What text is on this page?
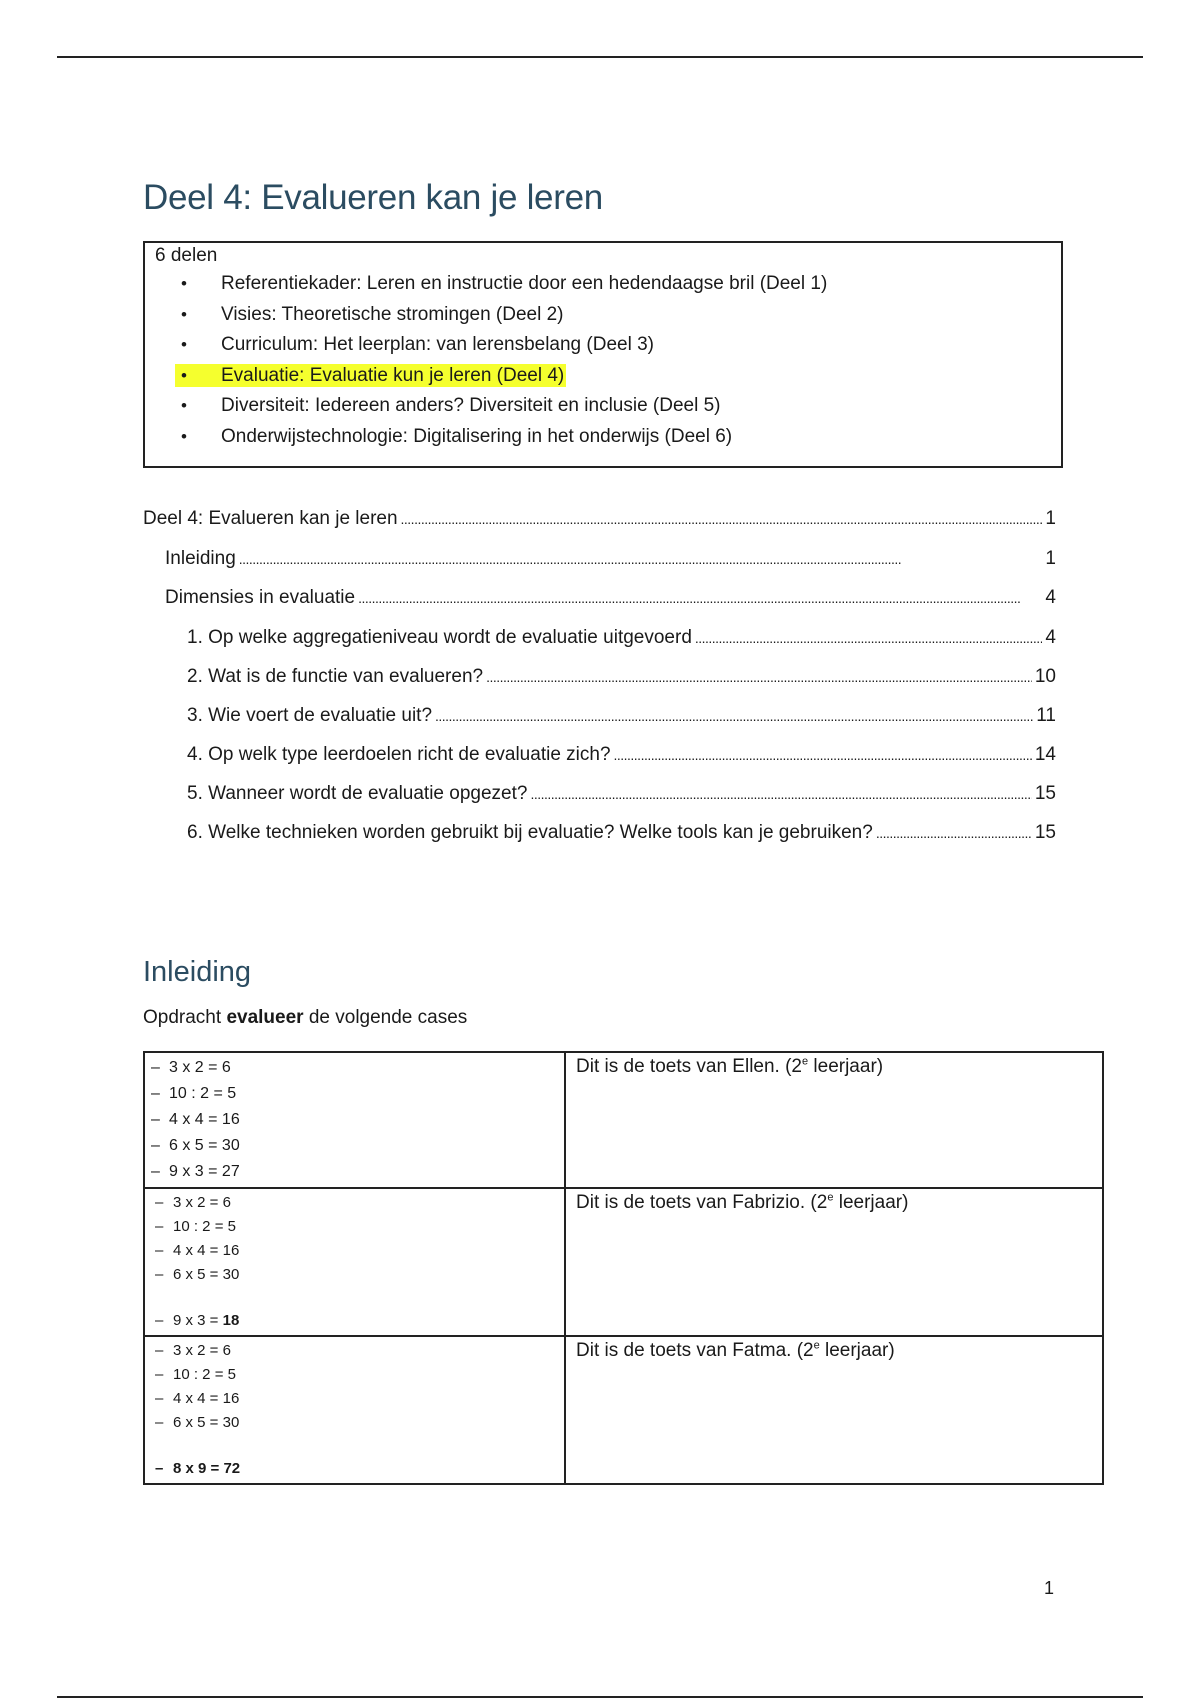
Deel 4: Evalueren kan je leren
6 delen
•Referentiekader: Leren en instructie door een hedendaagse bril (Deel 1)
•Visies: Theoretische stromingen (Deel 2)
•Curriculum: Het leerplan: van lerensbelang (Deel 3)
•Evaluatie: Evaluatie kun je leren (Deel 4)
•Diversiteit: Iedereen anders? Diversiteit en inclusie (Deel 5)
•Onderwijstechnologie: Digitalisering in het onderwijs (Deel 6)
Deel 4: Evalueren kan je leren . . .	1
Inleiding . . .	1
Dimensies in evaluatie . . .	4
1. Op welke aggregatieniveau wordt de evaluatie uitgevoerd . . .	4
2. Wat is de functie van evalueren? . . .	10
3. Wie voert de evaluatie uit? . . .	11
4. Op welk type leerdoelen richt de evaluatie zich? . . .	14
5. Wanneer wordt de evaluatie opgezet? . . .	15
6. Welke technieken worden gebruikt bij evaluatie? Welke tools kan je gebruiken? . . .	15
Inleiding
Opdracht evalueer de volgende cases
– 3 x 2 = 6
– 10 : 2 = 5
– 4 x 4 = 16
– 6 x 5 = 30
– 9 x 3 = 27	Dit is de toets van Ellen. (2e leerjaar)

– 3 x 2 = 6
– 10 : 2 = 5
– 4 x 4 = 16
– 6 x 5 = 30
– 9 x 3 = 18	Dit is de toets van Fabrizio. (2e leerjaar)

– 3 x 2 = 6
– 10 : 2 = 5
– 4 x 4 = 16
– 6 x 5 = 30
– 8 x 9 = 72	Dit is de toets van Fatma. (2e leerjaar)
1
